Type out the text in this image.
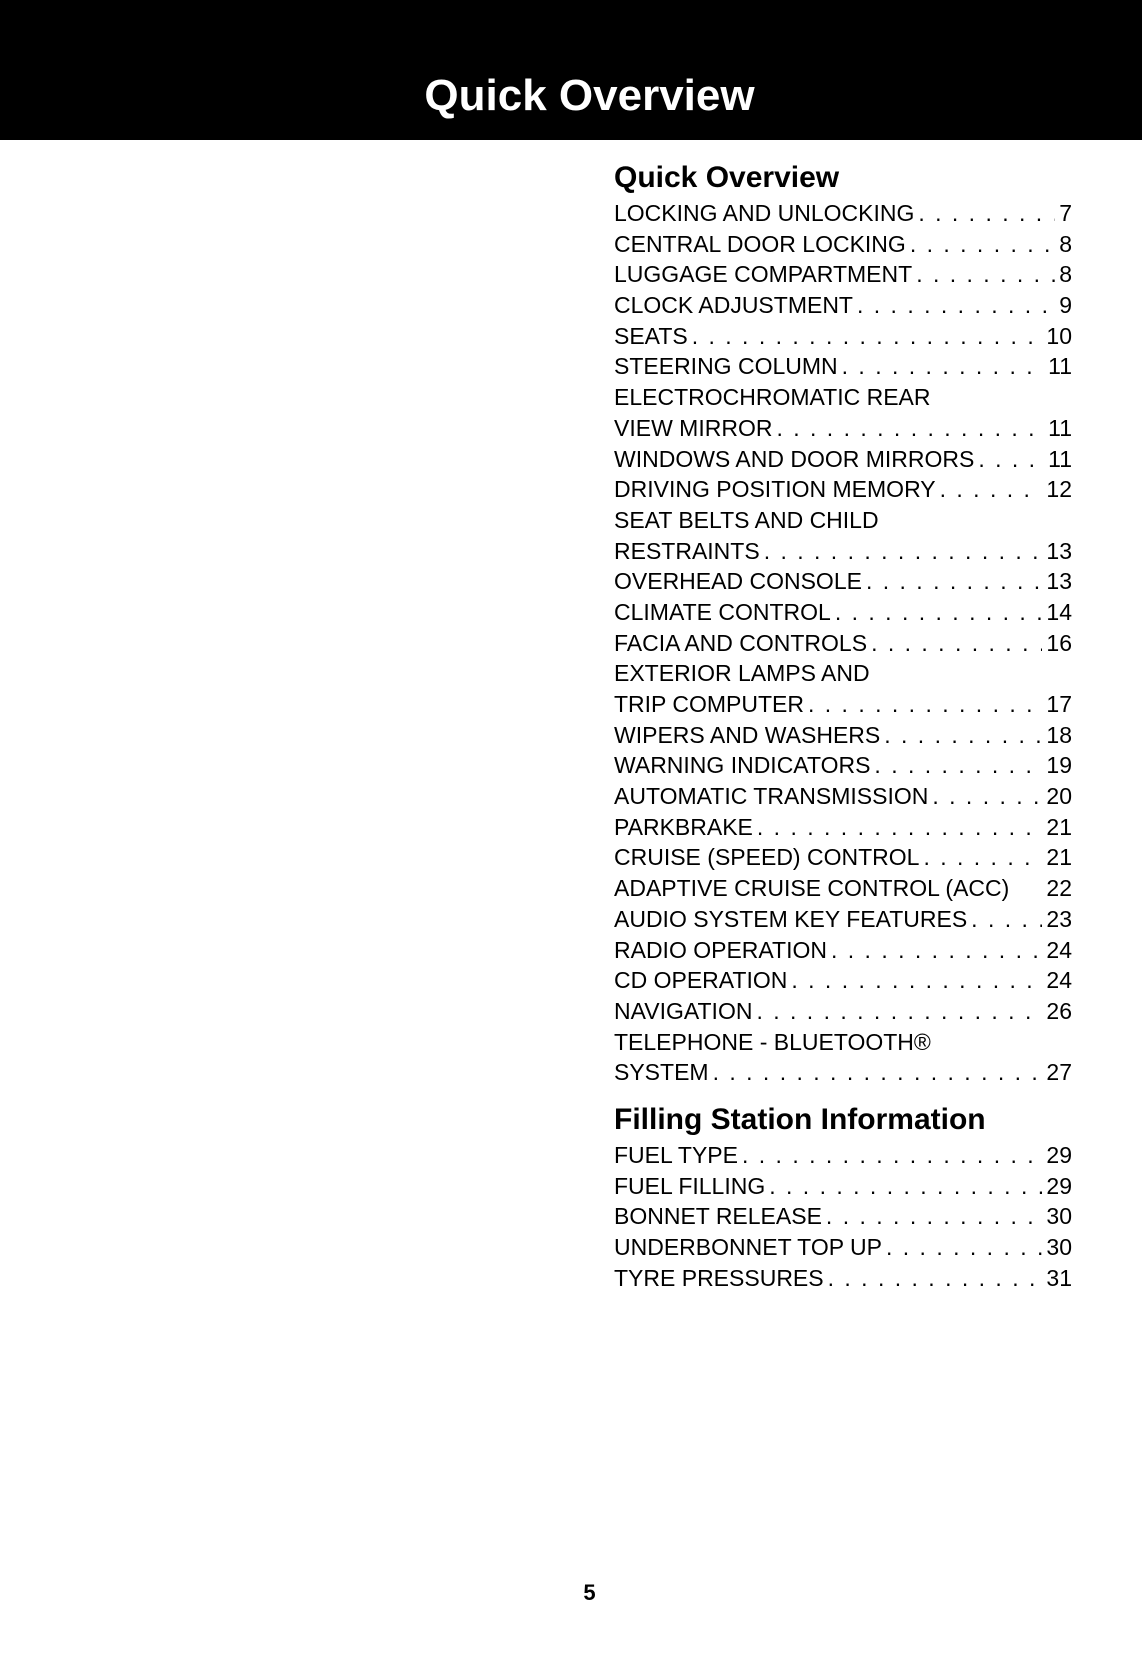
Quick Overview
Quick Overview
LOCKING AND UNLOCKING . . .	7
CENTRAL DOOR LOCKING . . .	8
LUGGAGE COMPARTMENT . . .	8
CLOCK ADJUSTMENT . . .	9
SEATS . . .	10
STEERING COLUMN . . .	11
ELECTROCHROMATIC REAR
VIEW MIRROR . . .	11
WINDOWS AND DOOR MIRRORS . . .	11
DRIVING POSITION MEMORY . . .	12
SEAT BELTS AND CHILD
RESTRAINTS . . .	13
OVERHEAD CONSOLE . . .	13
CLIMATE CONTROL . . .	14
FACIA AND CONTROLS . . .	16
EXTERIOR LAMPS AND
TRIP COMPUTER . . .	17
WIPERS AND WASHERS . . .	18
WARNING INDICATORS . . .	19
AUTOMATIC TRANSMISSION . . .	20
PARKBRAKE . . .	21
CRUISE (SPEED) CONTROL . . .	21
ADAPTIVE CRUISE CONTROL (ACC) 22
AUDIO SYSTEM KEY FEATURES . . .	23
RADIO OPERATION . . .	24
CD OPERATION . . .	24
NAVIGATION . . .	26
TELEPHONE - BLUETOOTH®
SYSTEM . . .	27
Filling Station Information
FUEL TYPE . . .	29
FUEL FILLING . . .	29
BONNET RELEASE . . .	30
UNDERBONNET TOP UP . . .	30
TYRE PRESSURES . . .	31
5
